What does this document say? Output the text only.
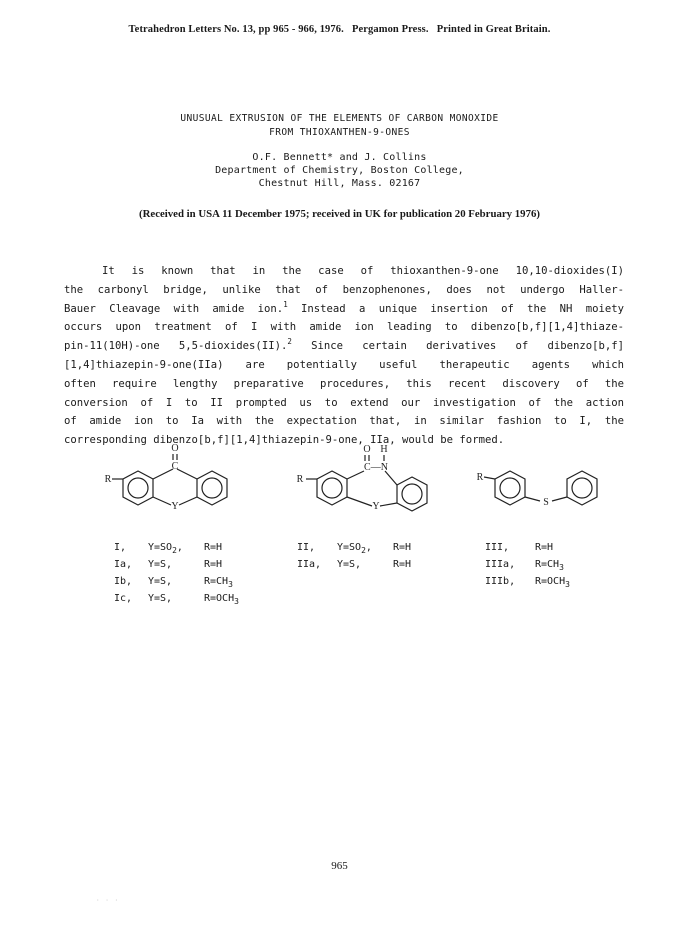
Tetrahedron Letters No. 13, pp 965 - 966, 1976.   Pergamon Press.   Printed in Great Britain.
UNUSUAL EXTRUSION OF THE ELEMENTS OF CARBON MONOXIDE
FROM THIOXANTHEN-9-ONES
O.F. Bennett* and J. Collins
Department of Chemistry, Boston College,
Chestnut Hill, Mass. 02167
(Received in USA 11 December 1975; received in UK for publication 20 February 1976)
It is known that in the case of thioxanthen-9-one 10,10-dioxides(I)
the carbonyl bridge, unlike that of benzophenones, does not undergo Haller-
Bauer Cleavage with amide ion.$^1$ Instead a unique insertion of the NH moiety
occurs upon treatment of I with amide ion leading to dibenzo[b,f][1,4]thiaze-
pin-11(10H)-one 5,5-dioxides(II).$^2$ Since certain derivatives of dibenzo[b,f]
[1,4]thiazepin-9-one(IIa) are potentially useful therapeutic agents which
often require lengthy preparative procedures, this recent discovery of the
conversion of I to II prompted us to extend our investigation of the action
of amide ion to Ia with the expectation that, in similar fashion to I, the
corresponding dibenzo[b,f][1,4]thiazepin-9-one, IIa, would be formed.
O
C
R
Y
O H
C—N
R
Y	S
R
I,	$Y=SO_2$,	R=H
Ia,	Y=S,	R=H
Ib,	Y=S,	$R=CH_3$
Ic,	Y=S,	$R=OCH_3$
II,	$Y=SO_2$,	R=H
IIa,	Y=S,	R=H
III,	R=H
IIIa,	$R=CH_3$
IIIb,	$R=OCH_3$
965
· · ·
